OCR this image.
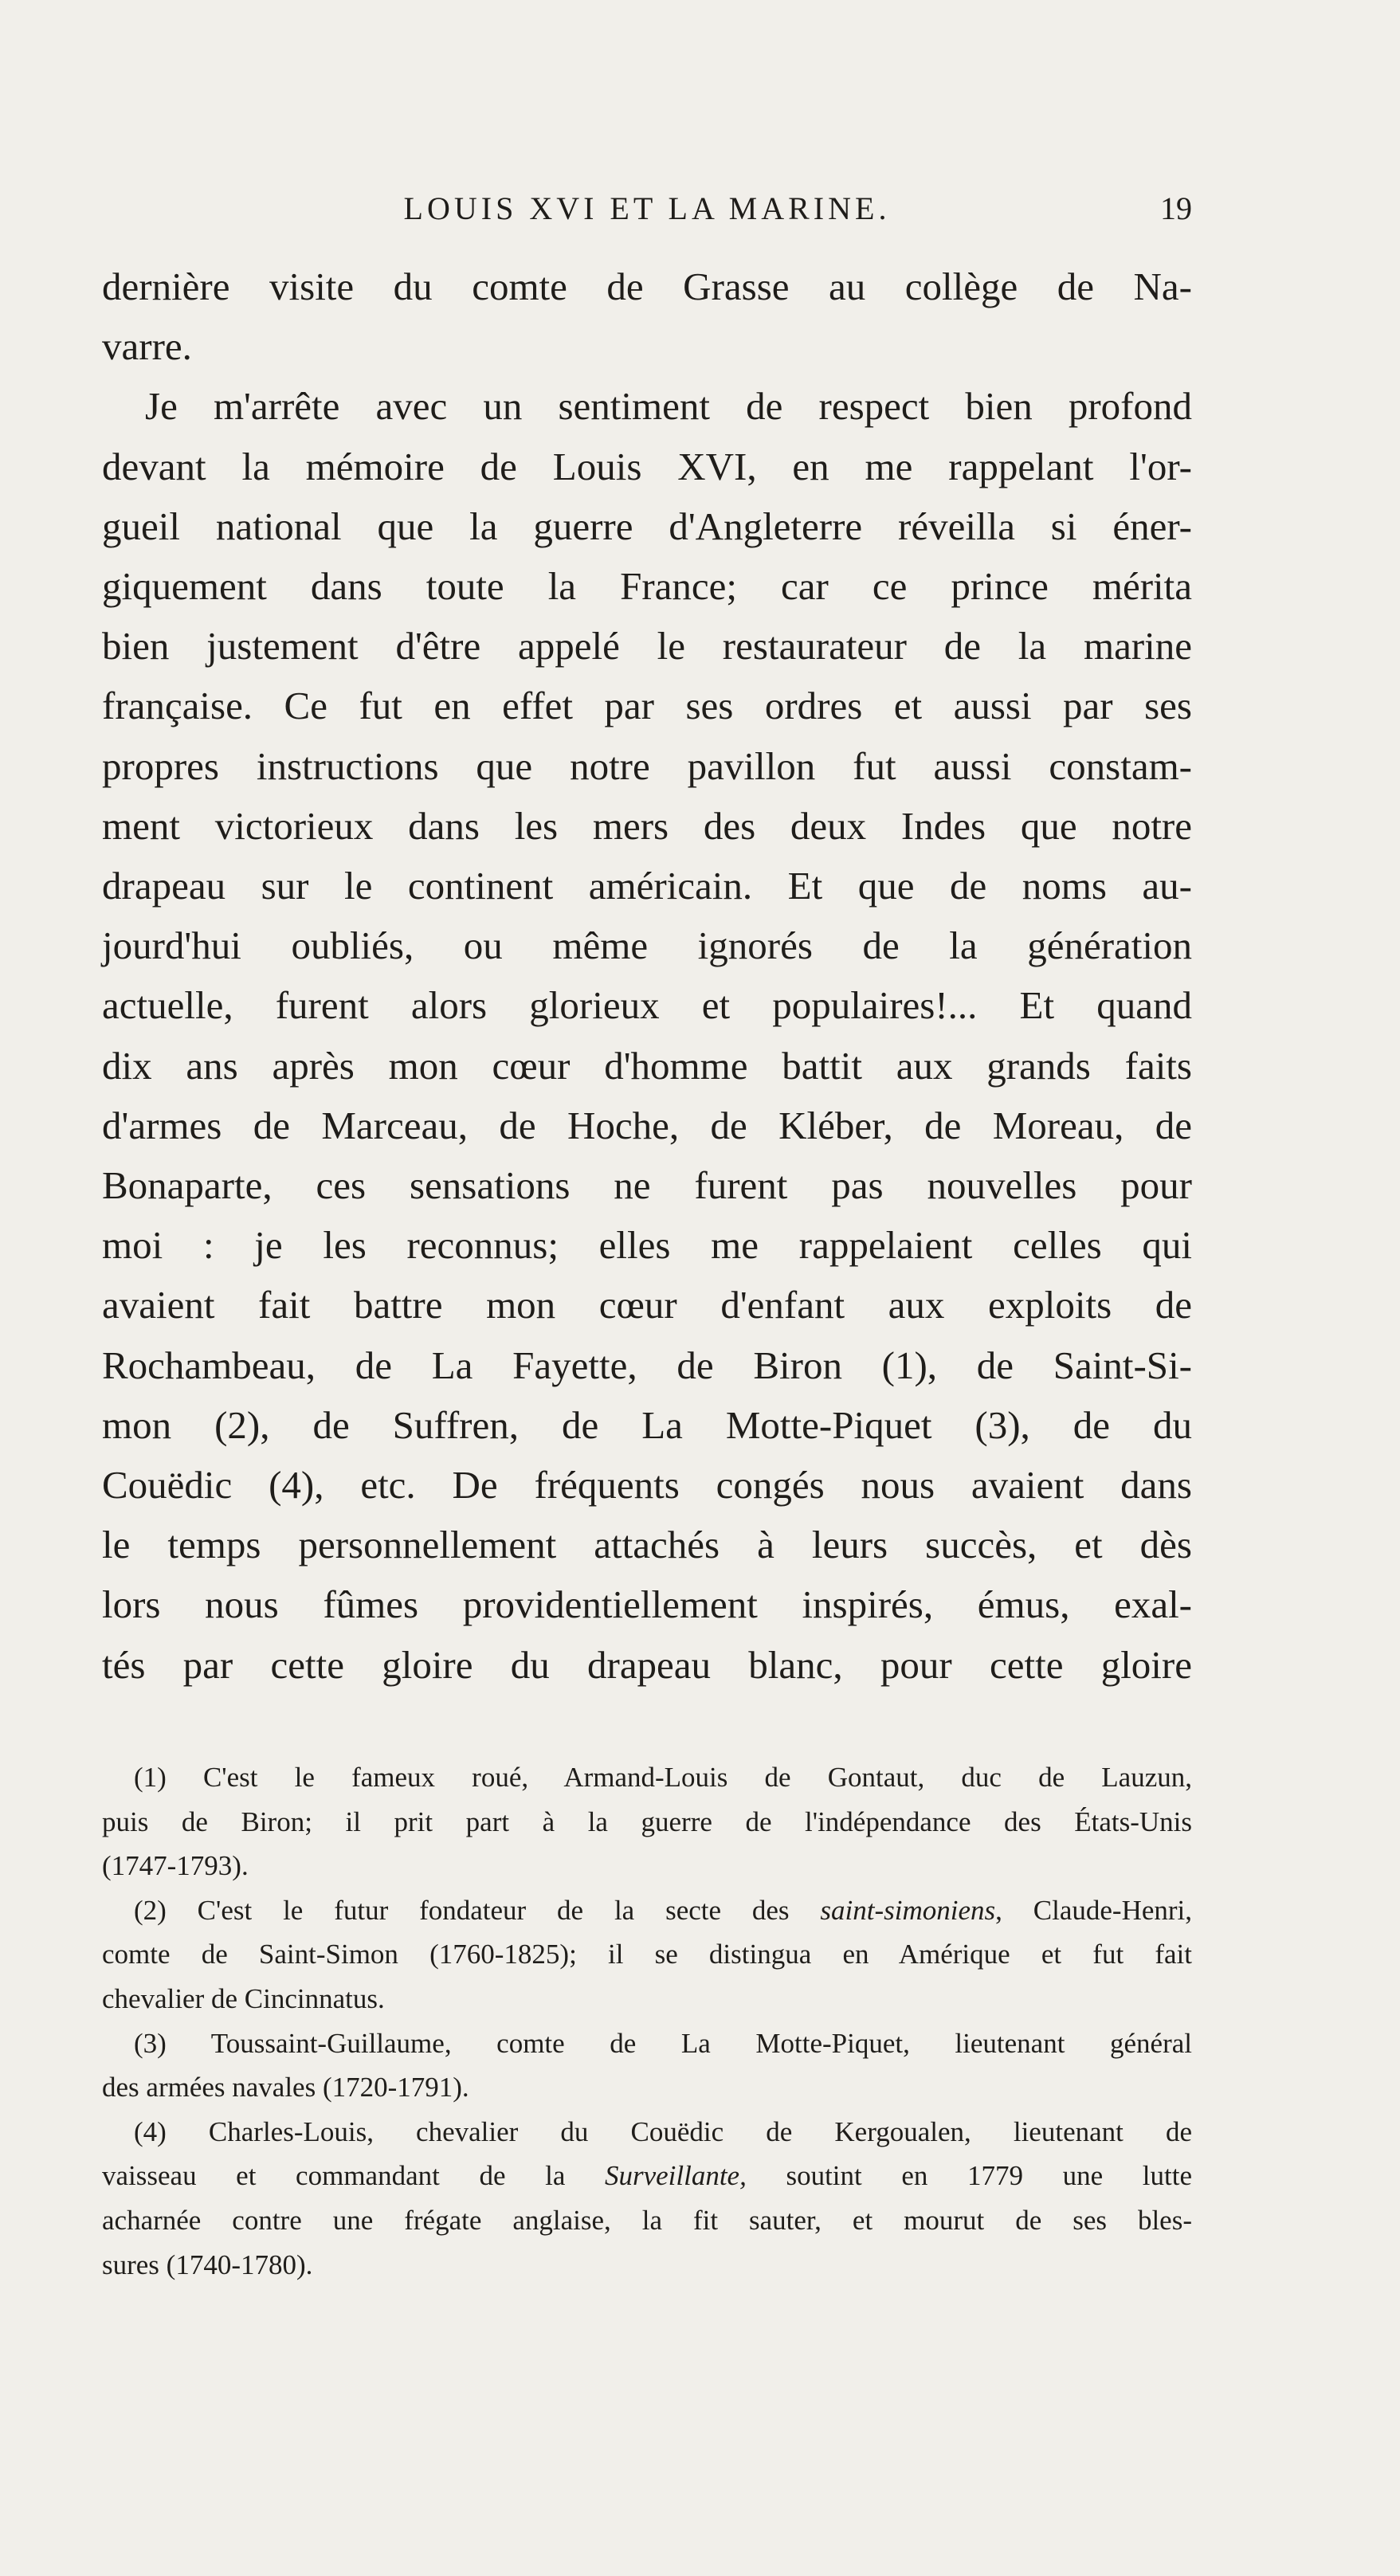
LOUIS XVI ET LA MARINE.	19

dernière visite du comte de Grasse au collège de Na-
varre.

Je m'arrête avec un sentiment de respect bien profond
devant la mémoire de Louis XVI, en me rappelant l'or-
gueil national que la guerre d'Angleterre réveilla si éner-
giquement dans toute la France; car ce prince mérita
bien justement d'être appelé le restaurateur de la marine
française. Ce fut en effet par ses ordres et aussi par ses
propres instructions que notre pavillon fut aussi constam-
ment victorieux dans les mers des deux Indes que notre
drapeau sur le continent américain. Et que de noms au-
jourd'hui oubliés, ou même ignorés de la génération
actuelle, furent alors glorieux et populaires!... Et quand
dix ans après mon cœur d'homme battit aux grands faits
d'armes de Marceau, de Hoche, de Kléber, de Moreau, de
Bonaparte, ces sensations ne furent pas nouvelles pour
moi : je les reconnus; elles me rappelaient celles qui
avaient fait battre mon cœur d'enfant aux exploits de
Rochambeau, de La Fayette, de Biron (1), de Saint-Si-
mon (2), de Suffren, de La Motte-Piquet (3), de du
Couëdic (4), etc. De fréquents congés nous avaient dans
le temps personnellement attachés à leurs succès, et dès
lors nous fûmes providentiellement inspirés, émus, exal-
tés par cette gloire du drapeau blanc, pour cette gloire

(1) C'est le fameux roué, Armand-Louis de Gontaut, duc de Lauzun,
puis de Biron; il prit part à la guerre de l'indépendance des États-Unis
(1747-1793).

(2) C'est le futur fondateur de la secte des saint-simoniens, Claude-Henri,
comte de Saint-Simon (1760-1825); il se distingua en Amérique et fut fait
chevalier de Cincinnatus.

(3) Toussaint-Guillaume, comte de La Motte-Piquet, lieutenant général
des armées navales (1720-1791).

(4) Charles-Louis, chevalier du Couëdic de Kergoualen, lieutenant de
vaisseau et commandant de la Surveillante, soutint en 1779 une lutte
acharnée contre une frégate anglaise, la fit sauter, et mourut de ses bles-
sures (1740-1780).
